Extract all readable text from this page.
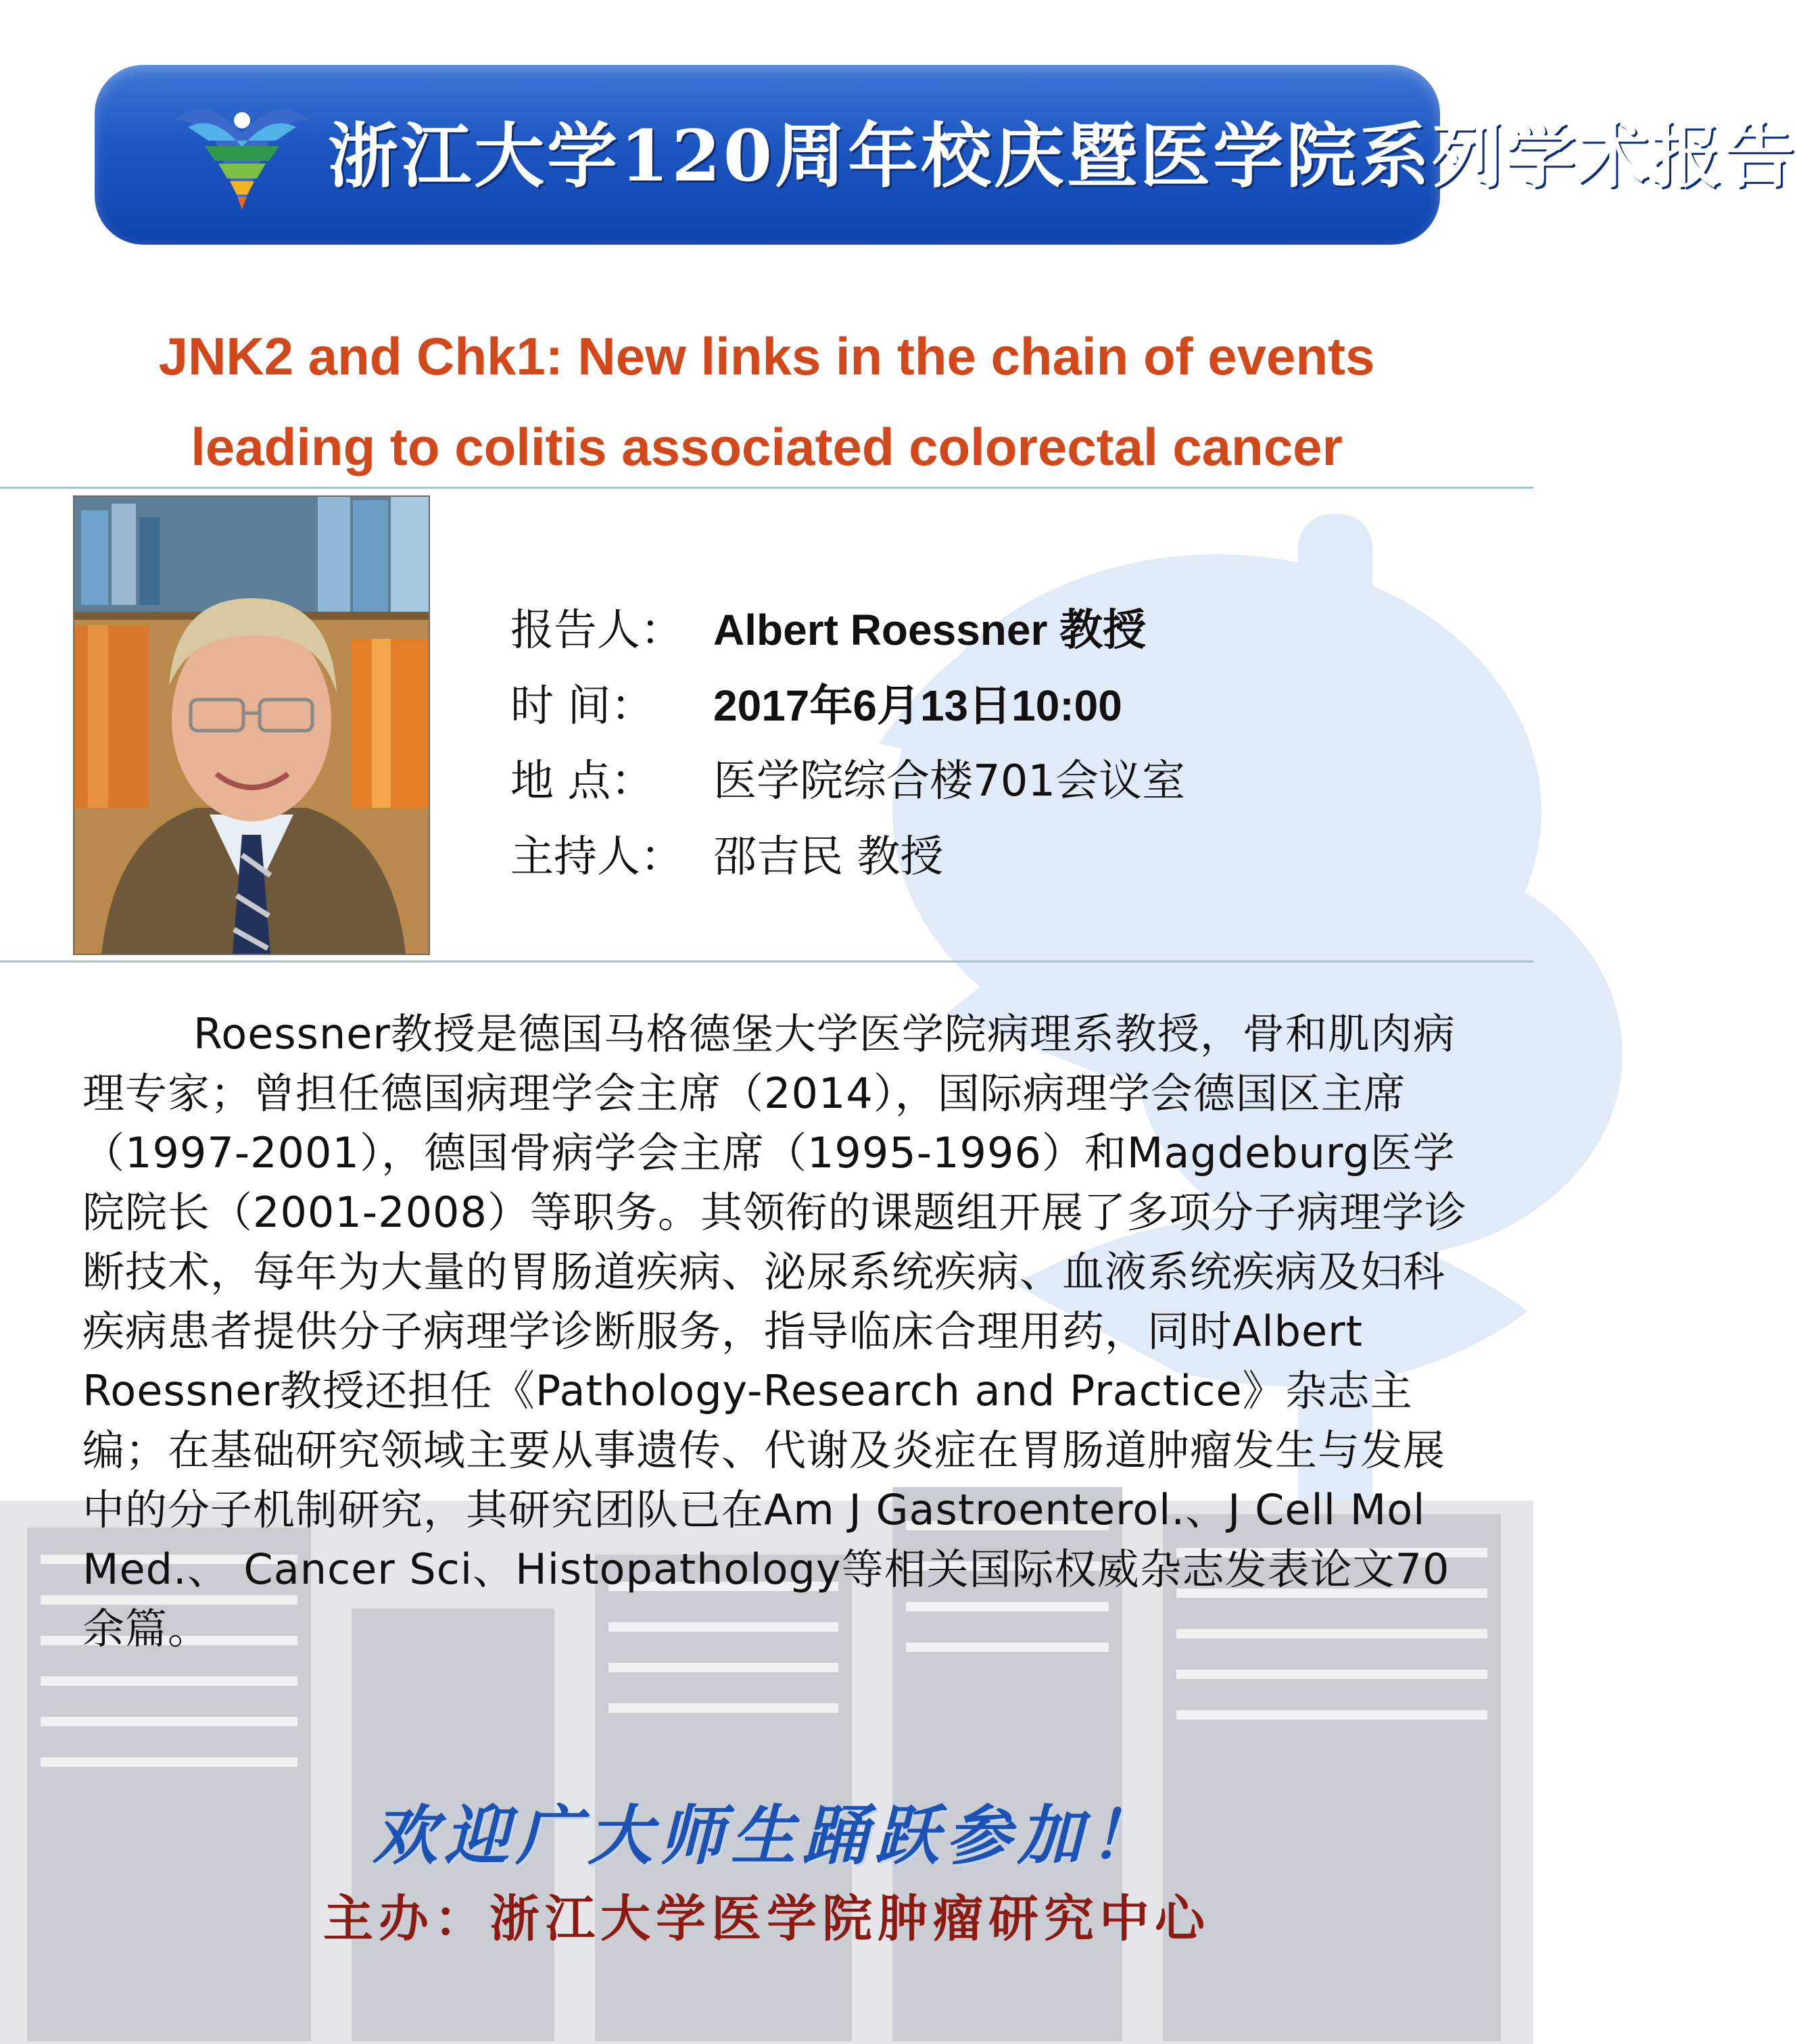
浙江大学120周年校庆暨医学院系列学术报告
JNK2 and Chk1: New links in the chain of events
leading to colitis associated colorectal cancer
报告人： Albert Roessner 教授
时 间： 2017年6月13日10:00
地 点： 医学院综合楼701会议室
主持人： 邵吉民 教授
Roessner教授是德国马格德堡大学医学院病理系教授，骨和肌肉病理专家；曾担任德国病理学会主席（2014），国际病理学会德国区主席（1997-2001），德国骨病学会主席（1995-1996）和Magdeburg医学院院长（2001-2008）等职务。其领衔的课题组开展了多项分子病理学诊断技术，每年为大量的胃肠道疾病、泌尿系统疾病、血液系统疾病及妇科疾病患者提供分子病理学诊断服务，指导临床合理用药，同时Albert Roessner教授还担任《Pathology-Research and Practice》杂志主编；在基础研究领域主要从事遗传、代谢及炎症在胃肠道肿瘤发生与发展中的分子机制研究，其研究团队已在Am J Gastroenterol.、J Cell Mol Med.、 Cancer Sci、Histopathology等相关国际权威杂志发表论文70余篇。
欢迎广大师生踊跃参加！
主办：浙江大学医学院肿瘤研究中心
